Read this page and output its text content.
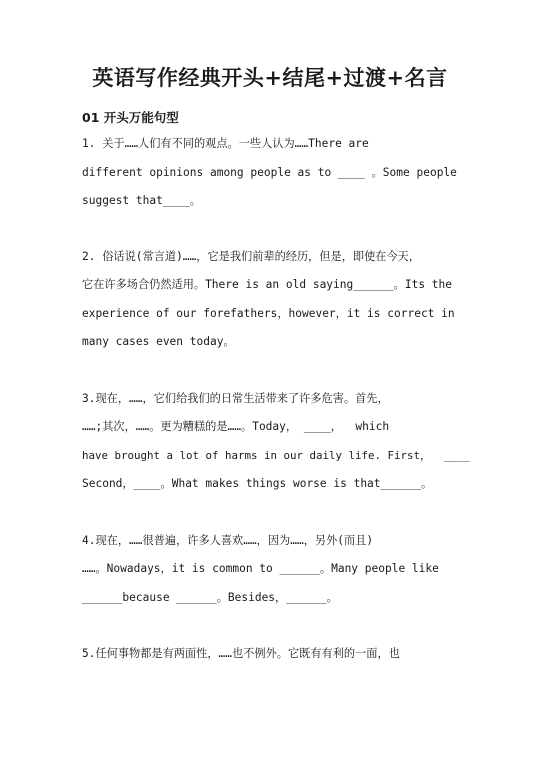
英语写作经典开头+结尾+过渡+名言
01 开头万能句型
1. 关于……人们有不同的观点。一些人认为……There are
different opinions among people as to ____ 。Some people
suggest that____。
2. 俗话说(常言道)……，它是我们前辈的经历，但是，即使在今天，
它在许多场合仍然适用。There is an old saying______。Its the
experience of our forefathers，however，it is correct in
many cases even today。
3.现在，……，它们给我们的日常生活带来了许多危害。首先，
……;其次，……。更为糟糕的是……。Today， ____，  which
have brought a lot of harms in our daily life. First，  ____
Second，____。What makes things worse is that______。
4.现在，……很普遍，许多人喜欢……，因为……，另外(而且)
……。Nowadays，it is common to ______。Many people like
______because ______。Besides，______。
5.任何事物都是有两面性，……也不例外。它既有有利的一面，也
